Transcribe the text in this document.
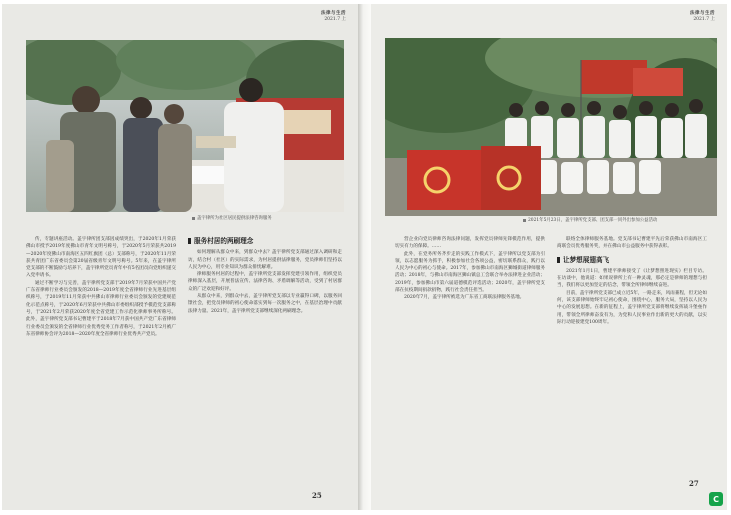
法律与生活
2021.7 上
盖宇律所为社区居民提供法律咨询服务

传，专题讲座活动。盖宇律所团支部因成绩突出，于2020年1月荣获佛山市授予2019年度佛山市青年文明号称号，于2020年5月荣获共2019—2020年度佛山市南海区五四红旗团（总）支部称号，于2020年11月荣获共青团广东省委员会第20届省级青年文明号称号。5年来，在盖宇律所党支部的不断鼓励与培养下，盖宇律所党员青年中有5名团员向党组织递交入党申请书。

通过不断学习与完善，盖宇律所党支部于2019年7月荣获中国共产党广东省律师行业委员会颁发的2018—2019年度全省律师行业先进基层组织称号，于2019年11月荣获中共佛山市律师行业委员会颁发的党建规范化示范点称号，于2020年6月荣获中共佛山市委组织部授予模范党支部称号，于2021年2月荣获2020年度全省党建工作示范化律师事务所称号。此外，盖宇律所党支部书记曹建平于2018年7月获中国共产党广东省律师行业委员会颁发的全省律师行业优秀党务工作者称号，于2021年2月被广东省律师协会评为2018—2020年度全省律师行业优秀共产党员。

服务村居的两刷理念

如何理解从群众中来，到群众中去？盖宇律所党支部通过深入调研和走访，结合村（社区）的实际需求，为村居提供法律服务，党员律师们坚持以人民为中心，用专业知识为群众排忧解难。

律师服务村居的过程中，盖宇律所党支部发挥党建引领作用，组织党员律师深入基层，开展普法宣传、法律咨询、矛盾调解等活动，受到了村居群众的广泛欢迎和好评。

从群众中来，到群众中去，盖宇律所党支部以专业赢得口碑，以服务回馈社会，把党员律师的初心使命落实到每一次服务之中，在基层治理中贡献法律力量。2021年，盖宇律所党支部继续深化两刷理念。

25
法律与生活
2021.7 上
2021年5月23日，盖宇律所党支部、团支部一同外出参加公益活动

营企业向党员律师咨询法律问题，发挥党员律师先锋模范作用，提供切实有力的保障。……

此外，在党务所务齐步走的实践工作模式下，盖宇律所以党支部为引领，以志愿服务为抓手，积极参加社会各项公益，密切联系群众，践行以人民为中心的初心与使命。2017年，参加佛山市南海区狮城街道律师服务活动；2018年，与佛山市南海区狮山镇总工会联合举办法律进企业活动；2019年，参加佛山市第六届道德模范评选活动；2020年，盖宇律所党支部在抗疫期间捐款捐物，践行社会责任担当。

2020年7月，盖宇律所被选为广东省工商联法律服务基地。

联络全体律师服务基地。党支部书记曹建平先后荣获佛山市南海区工商联会员优秀服务奖，并在佛山市公益服务中获得表彰。

让梦想展翅高飞

2021年1月1日，曹建平律师接受了《让梦想照进现实》栏目专访。在访谈中，他说道：如果说律所上有一种灵魂，那必定是律师的理想与担当，我们将以更加坚定的信念，带领全所律师继续奋进。

目前，盖宇律所党支部已成立近5年，一路走来，风雨兼程，但无论如何，该支部律师始终牢记初心使命，围绕中心，服务大局，坚持以人民为中心的发展思想。在新的征程上，盖宇律所党支部将继续发挥战斗堡垒作用，带领全所律师奋发有为，为党和人民事业作出新的更大的贡献，以实际行动迎接建党100周年。

27
C
